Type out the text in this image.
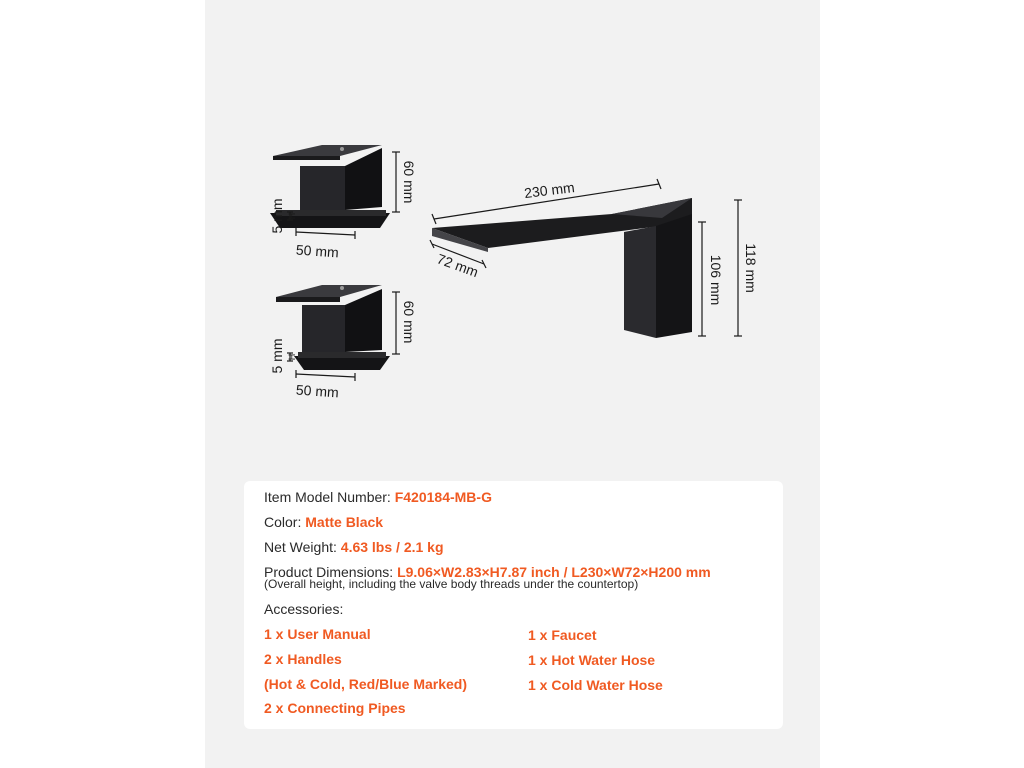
60 mm
50 mm
5 mm H
60 mm
50 mm
5 mm H
230 mm
72 mm	106 mm 118 mm
Item Model Number: F420184-MB-G
Color: Matte Black
Net Weight: 4.63 lbs / 2.1 kg
Product Dimensions: L9.06×W2.83×H7.87 inch / L230×W72×H200 mm
(Overall height, including the valve body threads under the countertop)
Accessories:
1 x User Manual
2 x Handles
(Hot & Cold, Red/Blue Marked)
2 x Connecting Pipes
1 x Faucet
1 x Hot Water Hose
1 x Cold Water Hose
